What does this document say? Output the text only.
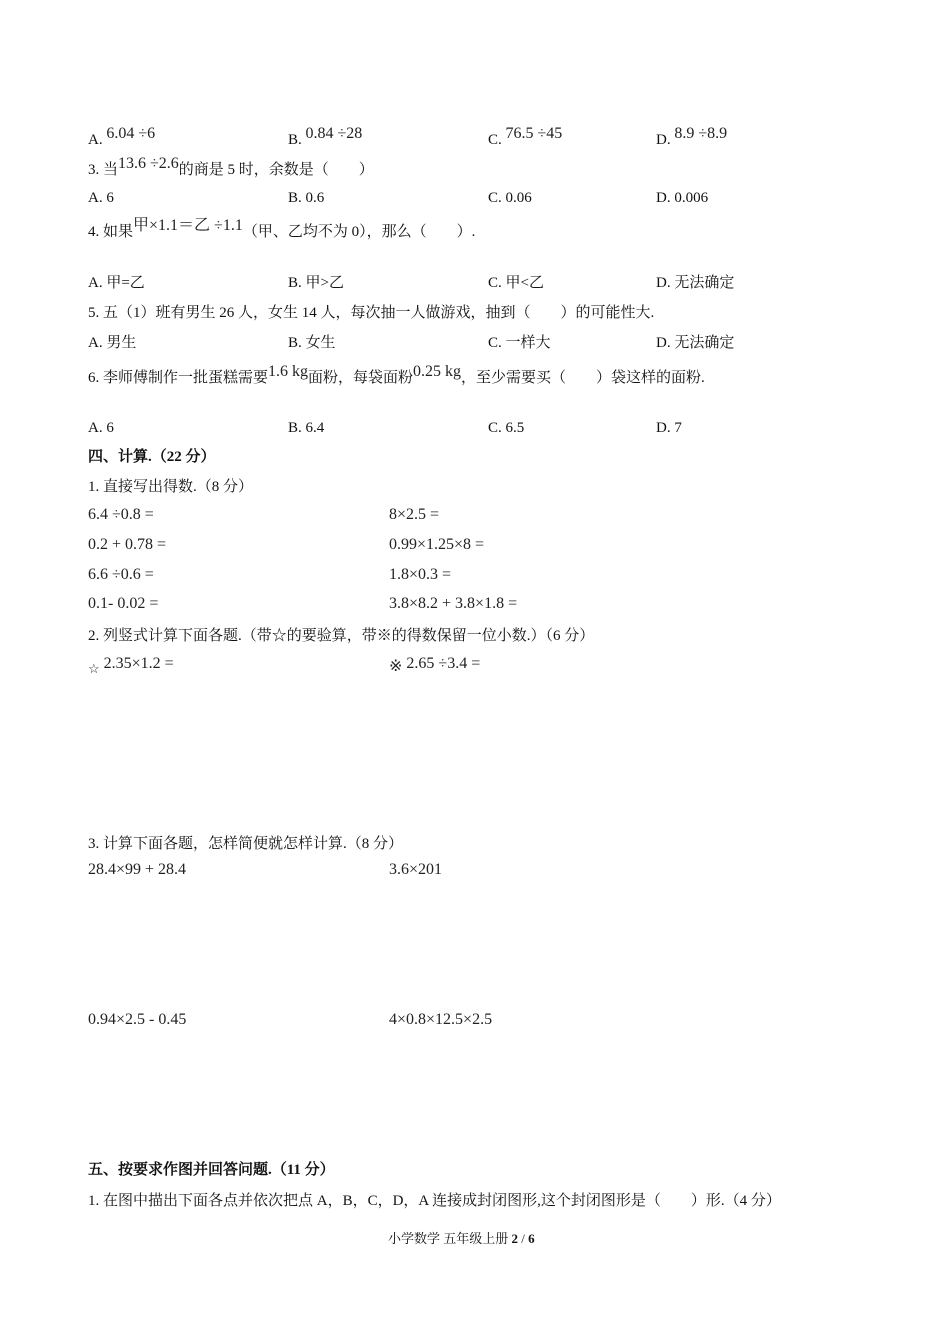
A. 6.04 ÷6	B. 0.84 ÷28	C. 76.5 ÷45	D. 8.9 ÷8.9
3. 当13.6 ÷2.6的商是 5 时，余数是（　　）
A. 6	B. 0.6	C. 0.06	D. 0.006
4. 如果甲×1.1＝乙 ÷1.1（甲、乙均不为 0），那么（　　）.
A. 甲=乙	B. 甲>乙	C. 甲<乙	D. 无法确定
5. 五（1）班有男生 26 人，女生 14 人，每次抽一人做游戏，抽到（　　）的可能性大.
A. 男生	B. 女生	C. 一样大	D. 无法确定
6. 李师傅制作一批蛋糕需要1.6 kg面粉，每袋面粉0.25 kg，至少需要买（　　）袋这样的面粉.
A. 6	B. 6.4	C. 6.5	D. 7
四、计算.（22 分）
1. 直接写出得数.（8 分）
6.4 ÷0.8 =	8×2.5 =
0.2 + 0.78 =	0.99×1.25×8 =
6.6 ÷0.6 =	1.8×0.3 =
0.1- 0.02 =	3.8×8.2 + 3.8×1.8 =
2. 列竖式计算下面各题.（带☆的要验算，带※的得数保留一位小数.）（6 分）
$_☆$ 2.35×1.2 =	※ 2.65 ÷3.4 =
3. 计算下面各题，怎样简便就怎样计算.（8 分）
28.4×99 + 28.4	3.6×201
0.94×2.5 - 0.45	4×0.8×12.5×2.5
五、按要求作图并回答问题.（11 分）
1. 在图中描出下面各点并依次把点 A，B，C，D，A 连接成封闭图形,这个封闭图形是（　　）形.（4 分）
小学数学 五年级上册 2 / 6
